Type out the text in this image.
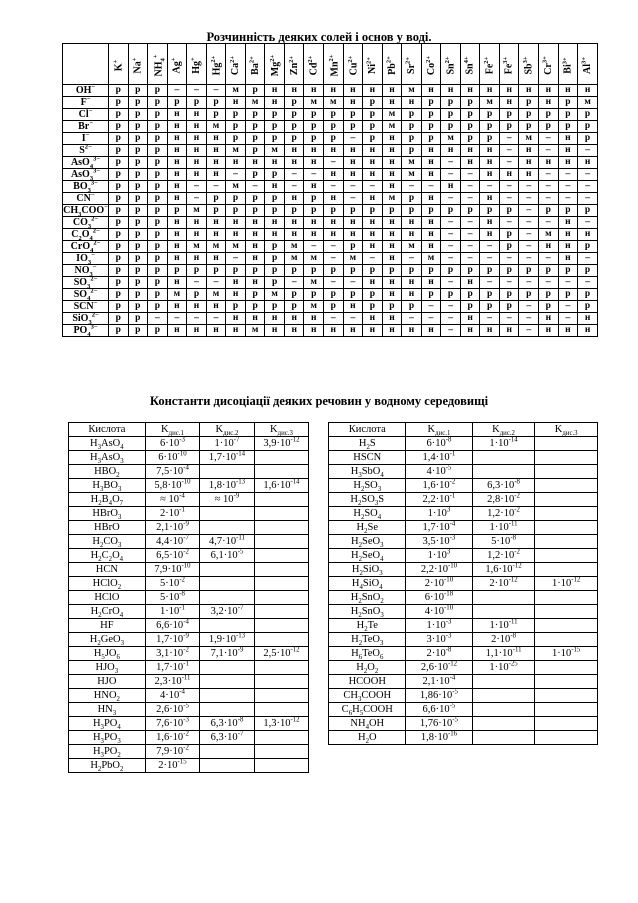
Розчинність деяких солей і основ у воді.
	K+	Na+	$NH_4^+$	Ag+	Hg+	$Hg^{2+}$	$Ca^{2+}$	$Ba^{2+}$	$Mg^{2+}$	$Zn^{2+}$	$Cd^{2+}$	$Mn^{2+}$	$Cu^{2+}$	$Ni^{2+}$	$Pb^{2+}$	$Sr^{2+}$	$Co^{2+}$	$Sn^{2+}$	$Sn^{4+}$	$Fe^{2+}$	$Fe^{3+}$	$Sb^{3+}$	$Cr^{3+}$	$Bi^{3+}$	$Al^{3+}$
OH−	р	р	р	–	–	–	м	р	н	н	н	н	н	н	н	м	н	н	н	н	н	н	н	н	н
F−	р	р	р	р	р	р	н	м	н	р	м	м	н	р	н	н	р	р	р	м	н	р	н	р	м
Cl−	р	р	р	н	н	р	р	р	р	р	р	р	р	р	м	р	р	р	р	р	р	р	р	р	р
Br−	р	р	р	н	н	м	р	р	р	р	р	р	р	р	м	р	р	р	р	р	р	р	р	р	р
I−	р	р	р	н	н	н	р	р	р	р	р	р	–	р	н	р	р	м	р	р	–	м	–	н	р
$S^{2-}$	р	р	р	н	н	н	м	р	м	н	н	н	н	н	н	р	н	н	н	н	–	н	–	н	–
AsO$_4^{3-}$	р	р	р	н	н	н	н	н	н	н	н	–	н	н	н	м	н	–	н	н	–	н	н	н	н
AsO$_3^{3-}$	р	р	р	н	н	н	–	р	р	–	–	н	н	н	н	м	н	–	–	н	н	н	–	–	–
$BO_3^{3-}$	р	р	р	н	–	–	м	–	н	–	н	–	–	–	н	–	–	н	–	–	–	–	–	–	–
CN−	р	р	р	н	–	р	р	р	р	н	р	н	–	н	м	р	н	–	–	н	–	–	–	–	–
$CH_3COO^-$	р	р	р	р	м	р	р	р	р	р	р	р	р	р	р	р	р	р	р	р	р	–	р	р	р
$CO_3^{2-}$	р	р	р	н	н	н	н	н	н	н	н	н	н	н	н	н	н	–	–	н	–	–	–	н	–
$C_2O_4^{2-}$	р	р	р	н	н	н	н	н	н	н	н	н	н	н	н	н	н	–	–	н	р	–	м	н	н
CrO$_4^{2-}$	р	р	р	н	м	м	м	н	р	м	–	–	р	н	н	м	н	–	–	–	р	–	н	н	р
$IO_3^-$	р	р	р	н	н	н	–	н	р	м	м	–	м	–	н	–	м	–	–	–	–	–	–	н	–
$NO_3^-$	р	р	р	р	р	р	р	р	р	р	р	р	р	р	р	р	р	р	р	р	р	р	р	р	р
$SO_3^{2-}$	р	р	р	н	–	–	н	н	р	–	м	–	–	н	н	н	н	–	н	–	–	–	–	–	–
$SO_4^{2-}$	р	р	р	м	р	м	н	р	м	р	р	р	р	р	н	н	р	р	р	р	р	р	р	р	р
SCN−	р	р	р	н	н	н	р	р	р	р	м	р	н	р	р	р	–	–	р	р	р	–	р	–	р
SiO$_3^{2-}$	р	р	–	–	–	–	н	н	н	н	н	–	–	н	н	–	–	–	н	–	–	–	н	–	н
$PO_4^{3-}$	р	р	р	н	н	н	н	м	н	н	н	н	н	н	н	н	н	–	н	н	н	–	н	н	н
Константи дисоціації деяких речовин у водному середовищі
Кислота	$K_{дис.1}$	$K_{дис.2}$	$K_{дис.3}$		Кислота	$K_{дис.1}$	$K_{дис.2}$	$K_{дис.3}$
$H_3AsO_4$	$6\cdot 10^{-3}$	$1\cdot 10^{-7}$	$3,9\cdot 10^{-12}$		$H_2S$	$6\cdot 10^{-8}$	$1\cdot 10^{-14}$	
$H_3AsO_3$	$6\cdot 10^{-10}$	$1,7\cdot 10^{-14}$			HSCN	$1,4\cdot 10^{-1}$		
$HBO_2$	$7,5\cdot 10^{-4}$				$H_3SbO_4$	$4\cdot 10^{-5}$		
$H_3BO_3$	$5,8\cdot 10^{-10}$	$1,8\cdot 10^{-13}$	$1,6\cdot 10^{-14}$		$H_2SO_3$	$1,6\cdot 10^{-2}$	$6,3\cdot 10^{-8}$	
$H_2B_4O_7$	≈ $10^{-4}$	≈ $10^{-9}$			$H_2SO_3S$	$2,2\cdot 10^{-1}$	$2,8\cdot 10^{-2}$	
HBrO$_3$	$2\cdot 10^{-1}$				$H_2SO_4$	$1\cdot 10^3$	$1,2\cdot 10^{-2}$	
HBrO	$2,1\cdot 10^{-9}$				$H_2Se$	$1,7\cdot 10^{-4}$	$1\cdot 10^{-11}$	
$H_2CO_3$	$4,4\cdot 10^{-7}$	$4,7\cdot 10^{-11}$			$H_2SeO_3$	$3,5\cdot 10^{-3}$	$5\cdot 10^{-8}$	
$H_2C_2O_4$	$6,5\cdot 10^{-2}$	$6,1\cdot 10^{-5}$			$H_2SeO_4$	$1\cdot 10^3$	$1,2\cdot 10^{-2}$	
HCN	$7,9\cdot 10^{-10}$				$H_2SiO_3$	$2,2\cdot 10^{-10}$	$1,6\cdot 10^{-12}$	
HClO$_2$	$5\cdot 10^{-2}$				$H_4SiO_4$	$2\cdot 10^{-10}$	$2\cdot 10^{-12}$	$1\cdot 10^{-12}$
HClO	$5\cdot 10^{-8}$				$H_2SnO_2$	$6\cdot 10^{-18}$		
$H_2CrO_4$	$1\cdot 10^{-1}$	$3,2\cdot 10^{-7}$			$H_2SnO_3$	$4\cdot 10^{-10}$		
HF	$6,6\cdot 10^{-4}$				$H_2Te$	$1\cdot 10^{-3}$	$1\cdot 10^{-11}$	
$H_2GeO_3$	$1,7\cdot 10^{-9}$	$1,9\cdot 10^{-13}$			$H_2TeO_3$	$3\cdot 10^{-3}$	$2\cdot 10^{-8}$	
$H_5JO_6$	$3,1\cdot 10^{-2}$	$7,1\cdot 10^{-9}$	$2,5\cdot 10^{-12}$		$H_6TeO_6$	$2\cdot 10^{-8}$	$1,1\cdot 10^{-11}$	$1\cdot 10^{-15}$
$HJO_3$	$1,7\cdot 10^{-1}$				$H_2O_2$	$2,6\cdot 10^{-12}$	$1\cdot 10^{-25}$	
HJO	$2,3\cdot 10^{-11}$				HCOOH	$2,1\cdot 10^{-4}$		
$HNO_2$	$4\cdot 10^{-4}$				$CH_3COOH$	$1,86\cdot 10^{-5}$		
$HN_3$	$2,6\cdot 10^{-5}$				$C_6H_5COOH$	$6,6\cdot 10^{-5}$		
$H_3PO_4$	$7,6\cdot 10^{-3}$	$6,3\cdot 10^{-8}$	$1,3\cdot 10^{-12}$		$NH_4OH$	$1,76\cdot 10^{-5}$		
$H_3PO_3$	$1,6\cdot 10^{-2}$	$6,3\cdot 10^{-7}$			$H_2O$	$1,8\cdot 10^{-16}$		
$H_3PO_2$	$7,9\cdot 10^{-2}$							
$H_2PbO_2$	$2\cdot 10^{-15}$							
